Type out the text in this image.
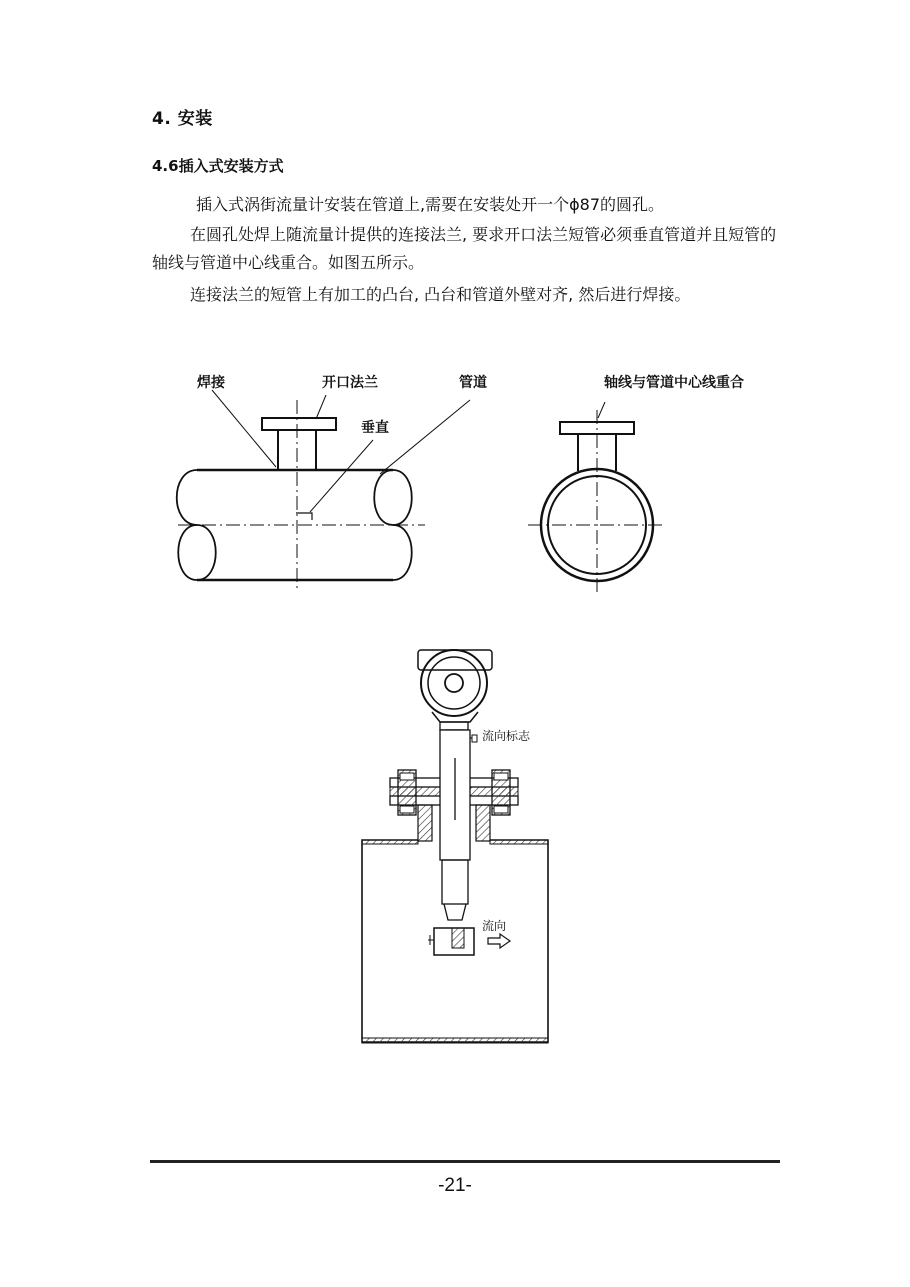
4. 安装
4.6插入式安装方式
插入式涡街流量计安装在管道上,需要在安装处开一个ϕ87的圆孔。
在圆孔处焊上随流量计提供的连接法兰, 要求开口法兰短管必须垂直管道并且短管的轴线与管道中心线重合。如图五所示。
连接法兰的短管上有加工的凸台, 凸台和管道外壁对齐, 然后进行焊接。
焊接	开口法兰	管道
垂直
轴线与管道中心线重合
流向标志
流向
-21-
